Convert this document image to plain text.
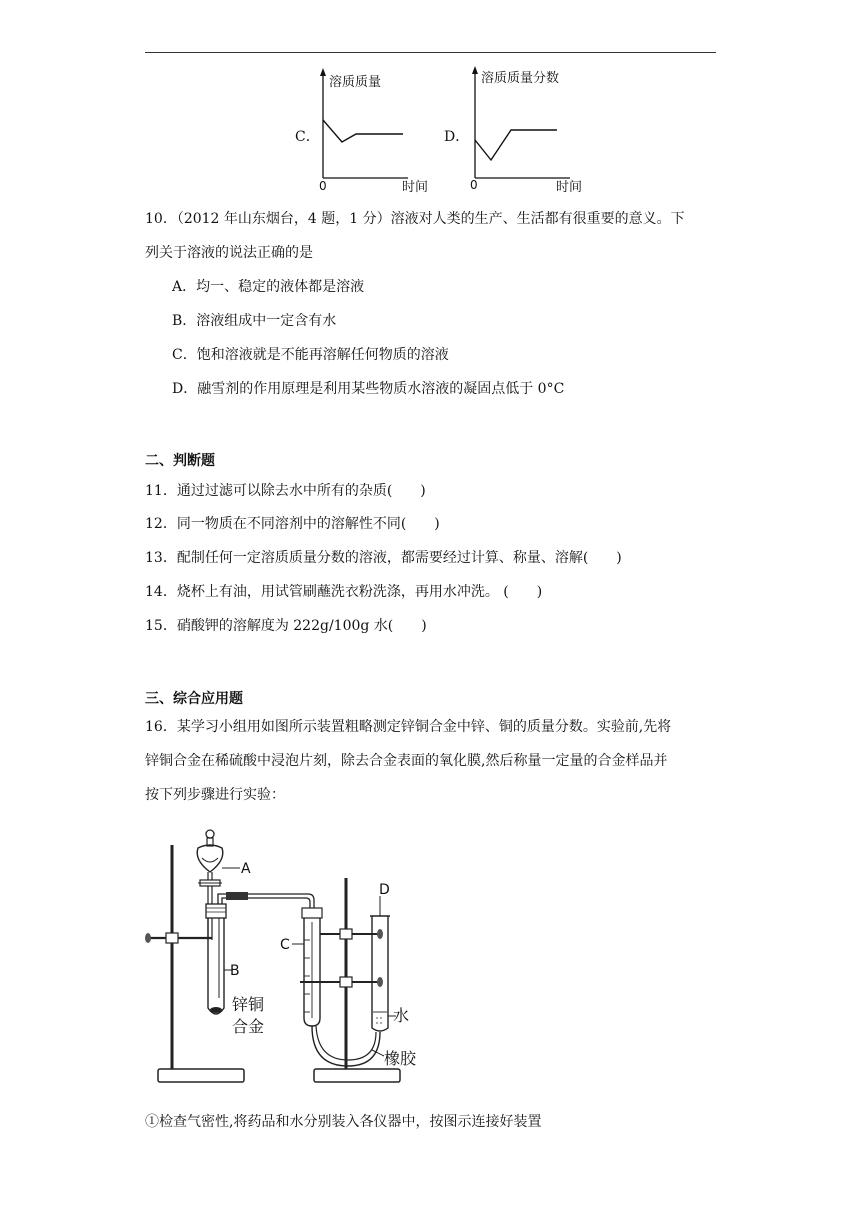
C．
溶质质量
0	时间
D．
溶质质量分数
0	时间
10．（2012 年山东烟台，4 题，1 分）溶液对人类的生产、生活都有很重要的意义。下
列关于溶液的说法正确的是
A．均一、稳定的液体都是溶液
B．溶液组成中一定含有水
C．饱和溶液就是不能再溶解任何物质的溶液
D．融雪剂的作用原理是利用某些物质水溶液的凝固点低于 0°C
二、判断题
11．通过过滤可以除去水中所有的杂质(　　)
12．同一物质在不同溶剂中的溶解性不同(　　)
13．配制任何一定溶质质量分数的溶液，都需要经过计算、称量、溶解(　　)
14．烧杯上有油，用试管刷蘸洗衣粉洗涤，再用水冲洗。 (　　)
15．硝酸钾的溶解度为 222g/100g 水(　　)
三、综合应用题
16．某学习小组用如图所示装置粗略测定锌铜合金中锌、铜的质量分数。实验前,先将
锌铜合金在稀硫酸中浸泡片刻，除去合金表面的氧化膜,然后称量一定量的合金样品并
按下列步骤进行实验：
A
B
锌铜
合金
C
D
水
橡胶
①检查气密性,将药品和水分别装入各仪器中，按图示连接好装置
